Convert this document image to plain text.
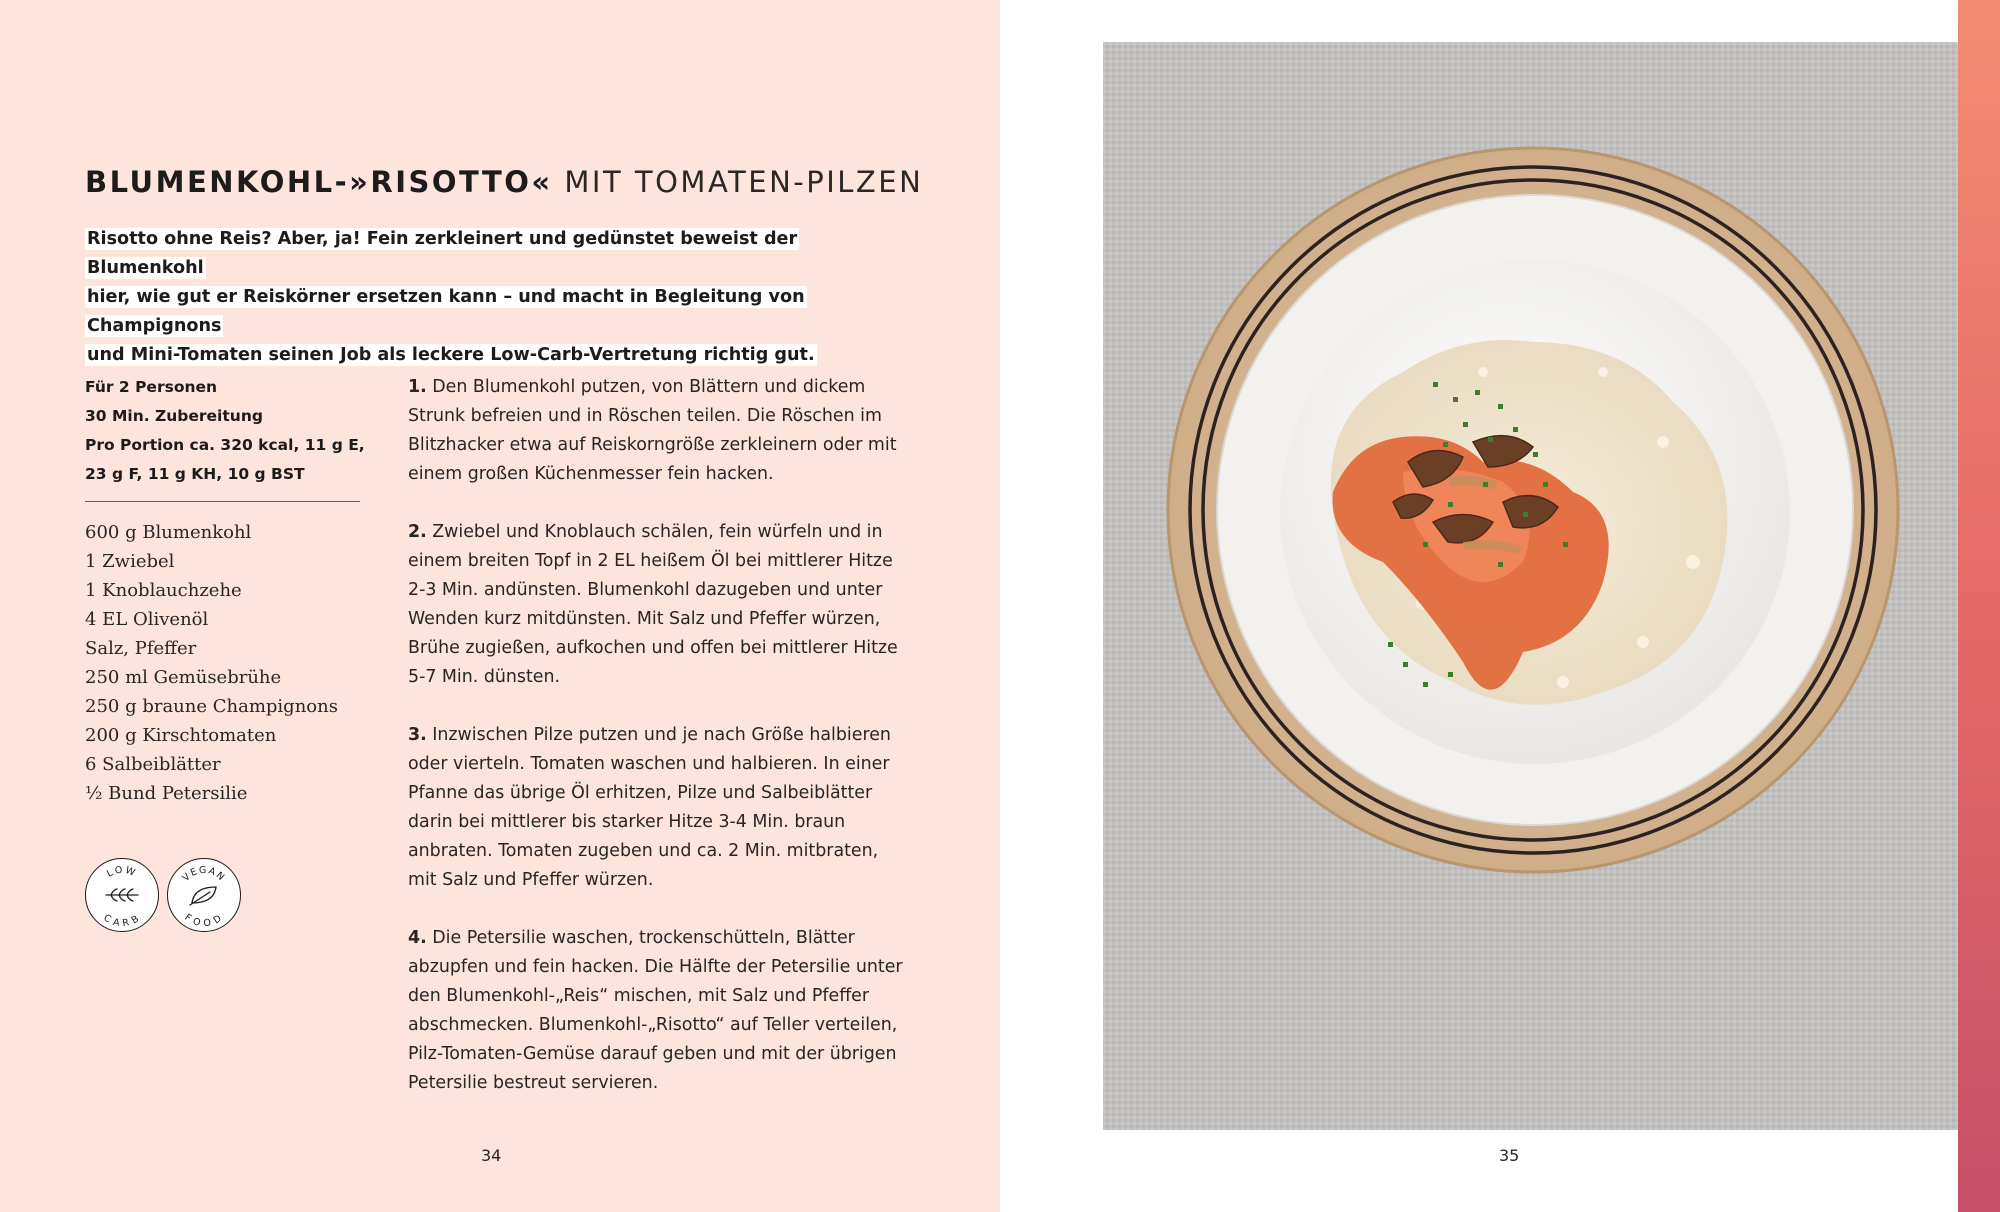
BLUMENKOHL-»RISOTTO« MIT TOMATEN-PILZEN
Risotto ohne Reis? Aber, ja! Fein zerkleinert und gedünstet beweist der Blumenkohl
hier, wie gut er Reiskörner ersetzen kann – und macht in Begleitung von Champignons
und Mini-Tomaten seinen Job als leckere Low-Carb-Vertretung richtig gut.
Für 2 Personen
30 Min. Zubereitung
Pro Portion ca. 320 kcal, 11 g E,
23 g F, 11 g KH, 10 g BST
600 g Blumenkohl
1 Zwiebel
1 Knoblauchzehe
4 EL Olivenöl
Salz, Pfeffer
250 ml Gemüsebrühe
250 g braune Champignons
200 g Kirschtomaten
6 Salbeiblätter
½ Bund Petersilie
LOW
CARB
VEGAN
FOOD

1. Den Blumenkohl putzen, von Blättern und dickem Strunk befreien und in Röschen teilen. Die Röschen im Blitzhacker etwa auf Reiskorngröße zerkleinern oder mit einem großen Küchenmesser fein hacken.

2. Zwiebel und Knoblauch schälen, fein würfeln und in einem breiten Topf in 2 EL heißem Öl bei mittlerer Hitze 2-3 Min. andünsten. Blumenkohl dazugeben und unter Wenden kurz mitdünsten. Mit Salz und Pfeffer würzen, Brühe zugießen, aufkochen und offen bei mittlerer Hitze 5-7 Min. dünsten.

3. Inzwischen Pilze putzen und je nach Größe halbieren oder vierteln. Tomaten waschen und halbieren. In einer Pfanne das übrige Öl erhitzen, Pilze und Salbeiblätter darin bei mittlerer bis starker Hitze 3-4 Min. braun anbraten. Tomaten zugeben und ca. 2 Min. mitbraten, mit Salz und Pfeffer würzen.

4. Die Petersilie waschen, trockenschütteln, Blätter abzupfen und fein hacken. Die Hälfte der Petersilie unter den Blumenkohl-„Reis“ mischen, mit Salz und Pfeffer abschmecken. Blumenkohl-„Risotto“ auf Teller verteilen, Pilz-Tomaten-Gemüse darauf geben und mit der übrigen Petersilie bestreut servieren.

34	35
